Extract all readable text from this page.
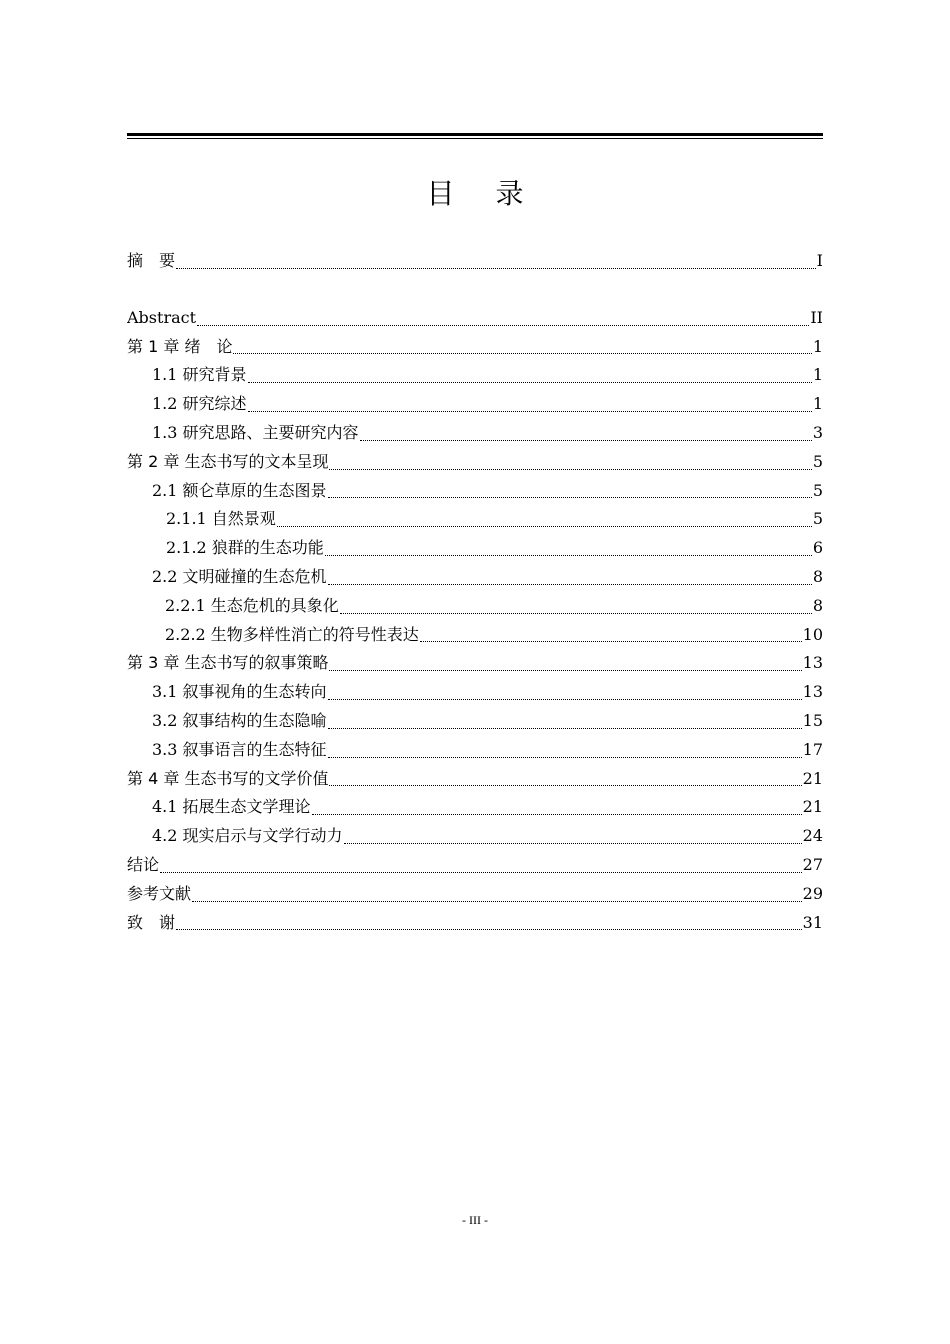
目 录
摘　要	I
Abstract	II
第 1 章 绪　论	1
1.1 研究背景	1
1.2 研究综述	1
1.3 研究思路、主要研究内容	3
第 2 章 生态书写的文本呈现	5
2.1 额仑草原的生态图景	5
2.1.1 自然景观	5
2.1.2 狼群的生态功能	6
2.2 文明碰撞的生态危机	8
2.2.1 生态危机的具象化	8
2.2.2 生物多样性消亡的符号性表达	10
第 3 章 生态书写的叙事策略	13
3.1 叙事视角的生态转向	13
3.2 叙事结构的生态隐喻	15
3.3 叙事语言的生态特征	17
第 4 章 生态书写的文学价值	21
4.1 拓展生态文学理论	21
4.2 现实启示与文学行动力	24
结论	27
参考文献	29
致　谢	31
- III -
